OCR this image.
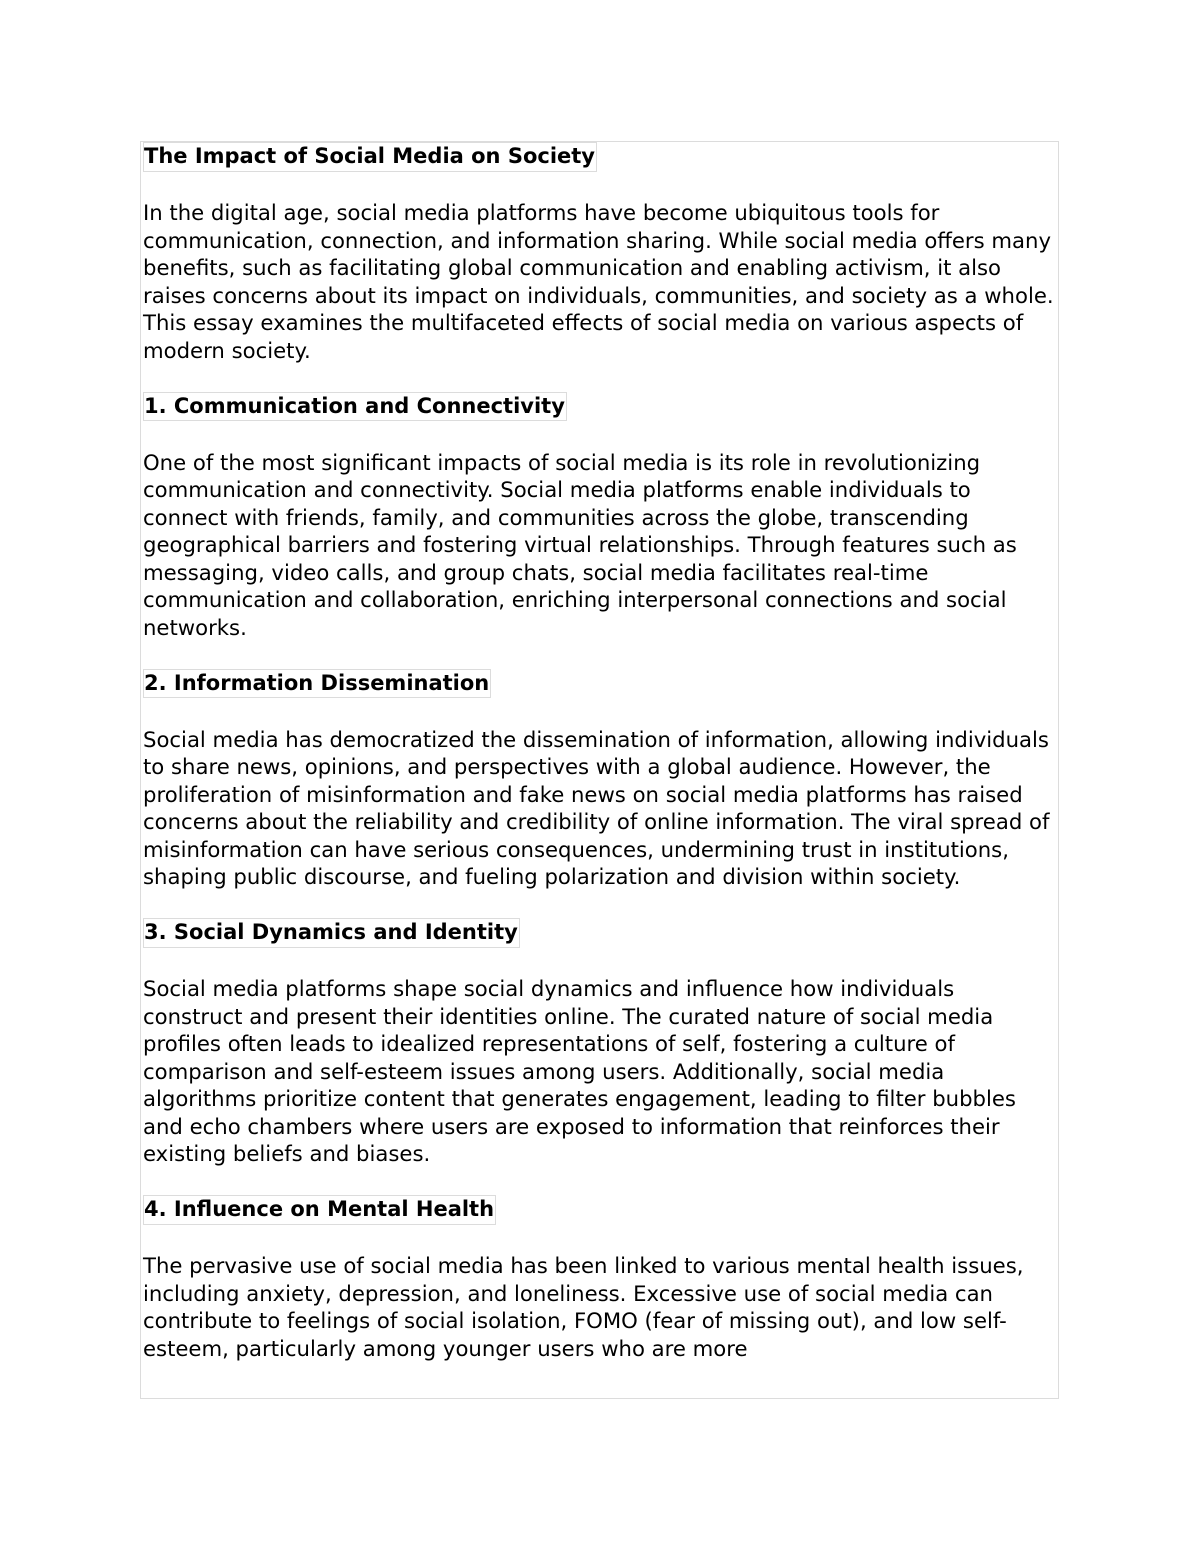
The Impact of Social Media on Society

In the digital age, social media platforms have become ubiquitous tools for communication, connection, and information sharing. While social media offers many benefits, such as facilitating global communication and enabling activism, it also raises concerns about its impact on individuals, communities, and society as a whole. This essay examines the multifaceted effects of social media on various aspects of modern society.

1. Communication and Connectivity

One of the most significant impacts of social media is its role in revolutionizing communication and connectivity. Social media platforms enable individuals to connect with friends, family, and communities across the globe, transcending geographical barriers and fostering virtual relationships. Through features such as messaging, video calls, and group chats, social media facilitates real-time communication and collaboration, enriching interpersonal connections and social networks.

2. Information Dissemination

Social media has democratized the dissemination of information, allowing individuals to share news, opinions, and perspectives with a global audience. However, the proliferation of misinformation and fake news on social media platforms has raised concerns about the reliability and credibility of online information. The viral spread of misinformation can have serious consequences, undermining trust in institutions, shaping public discourse, and fueling polarization and division within society.

3. Social Dynamics and Identity

Social media platforms shape social dynamics and influence how individuals construct and present their identities online. The curated nature of social media profiles often leads to idealized representations of self, fostering a culture of comparison and self-esteem issues among users. Additionally, social media algorithms prioritize content that generates engagement, leading to filter bubbles and echo chambers where users are exposed to information that reinforces their existing beliefs and biases.

4. Influence on Mental Health

The pervasive use of social media has been linked to various mental health issues, including anxiety, depression, and loneliness. Excessive use of social media can contribute to feelings of social isolation, FOMO (fear of missing out), and low self-esteem, particularly among younger users who are more
